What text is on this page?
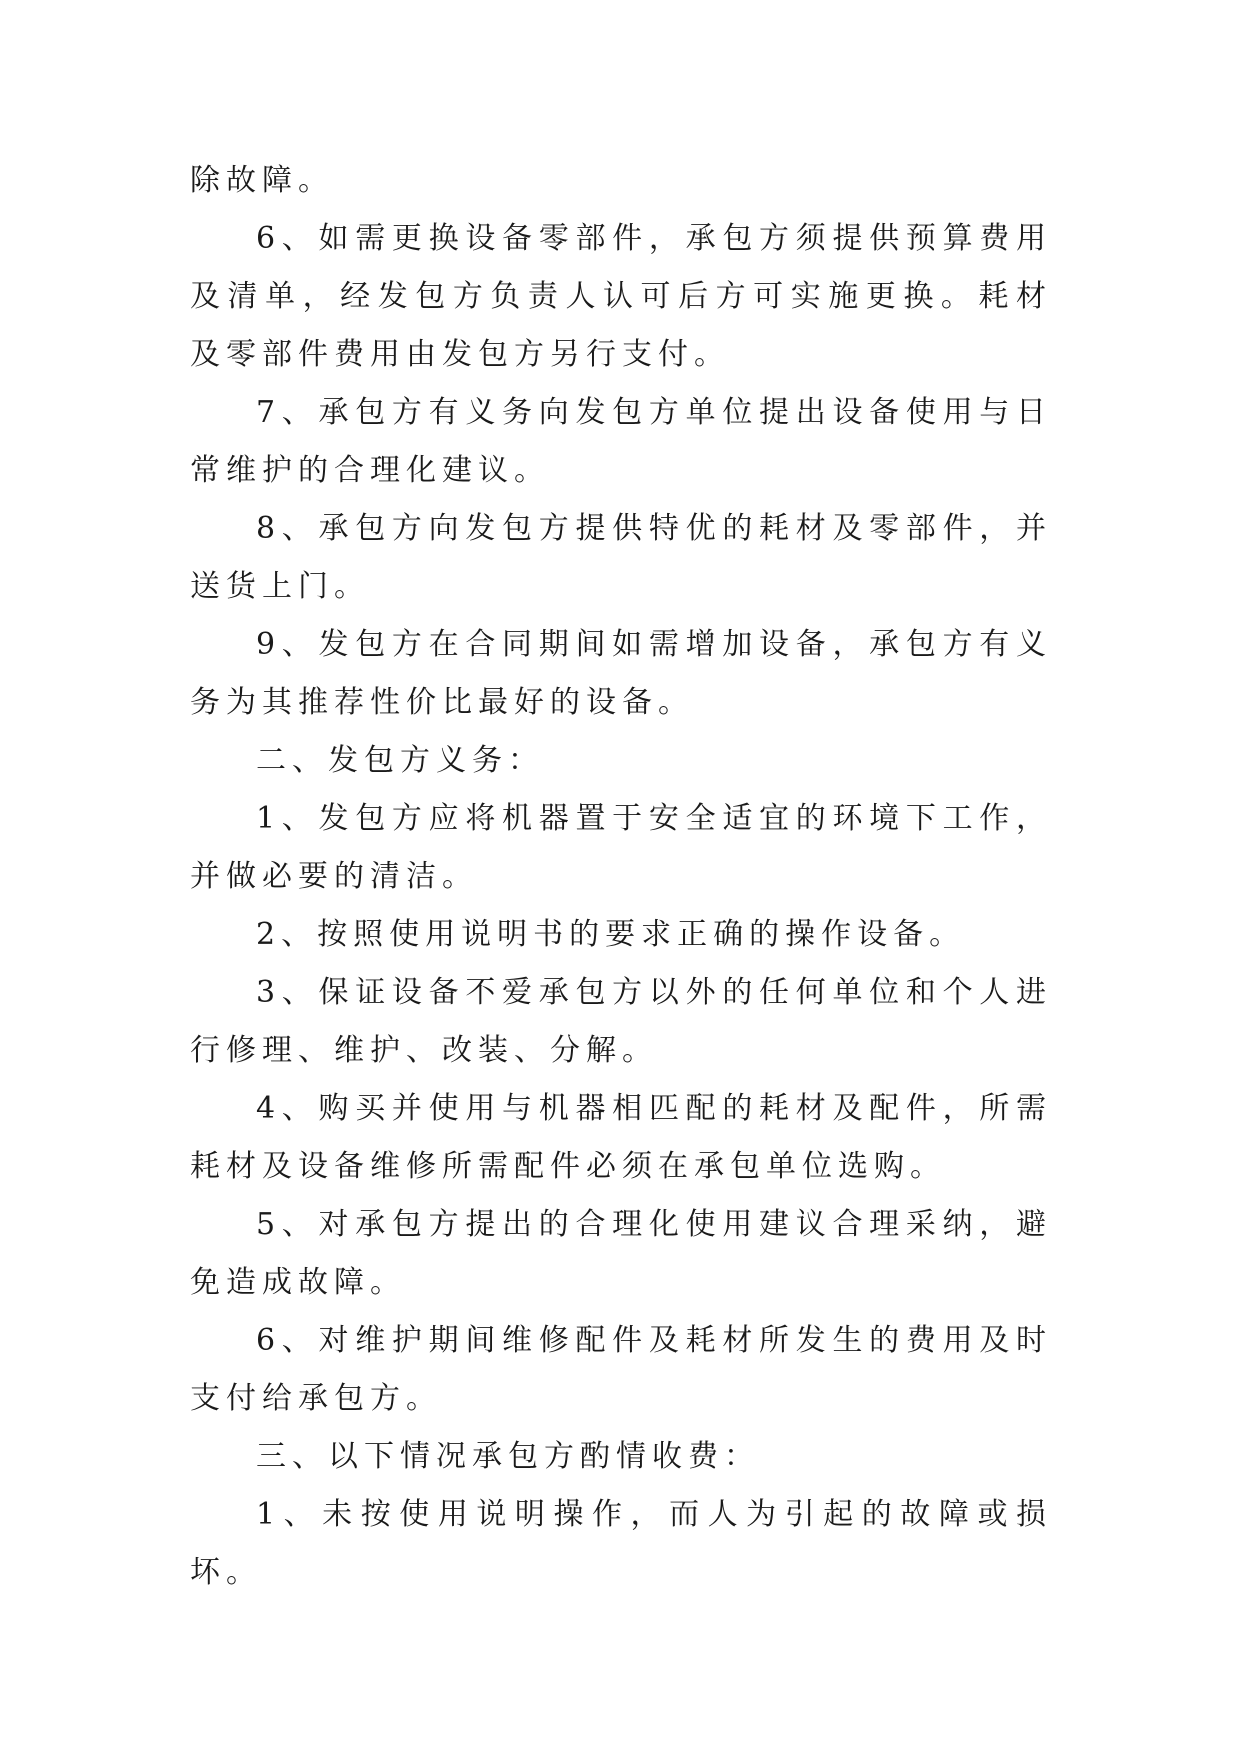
除故障。

6、如需更换设备零部件，承包方须提供预算费用及清单，经发包方负责人认可后方可实施更换。耗材及零部件费用由发包方另行支付。

7、承包方有义务向发包方单位提出设备使用与日常维护的合理化建议。

8、承包方向发包方提供特优的耗材及零部件，并送货上门。

9、发包方在合同期间如需增加设备，承包方有义务为其推荐性价比最好的设备。

二、发包方义务：

1、发包方应将机器置于安全适宜的环境下工作，并做必要的清洁。

2、按照使用说明书的要求正确的操作设备。

3、保证设备不爱承包方以外的任何单位和个人进行修理、维护、改装、分解。

4、购买并使用与机器相匹配的耗材及配件，所需耗材及设备维修所需配件必须在承包单位选购。

5、对承包方提出的合理化使用建议合理采纳，避免造成故障。

6、对维护期间维修配件及耗材所发生的费用及时支付给承包方。

三、以下情况承包方酌情收费：

1、未按使用说明操作，而人为引起的故障或损坏。
